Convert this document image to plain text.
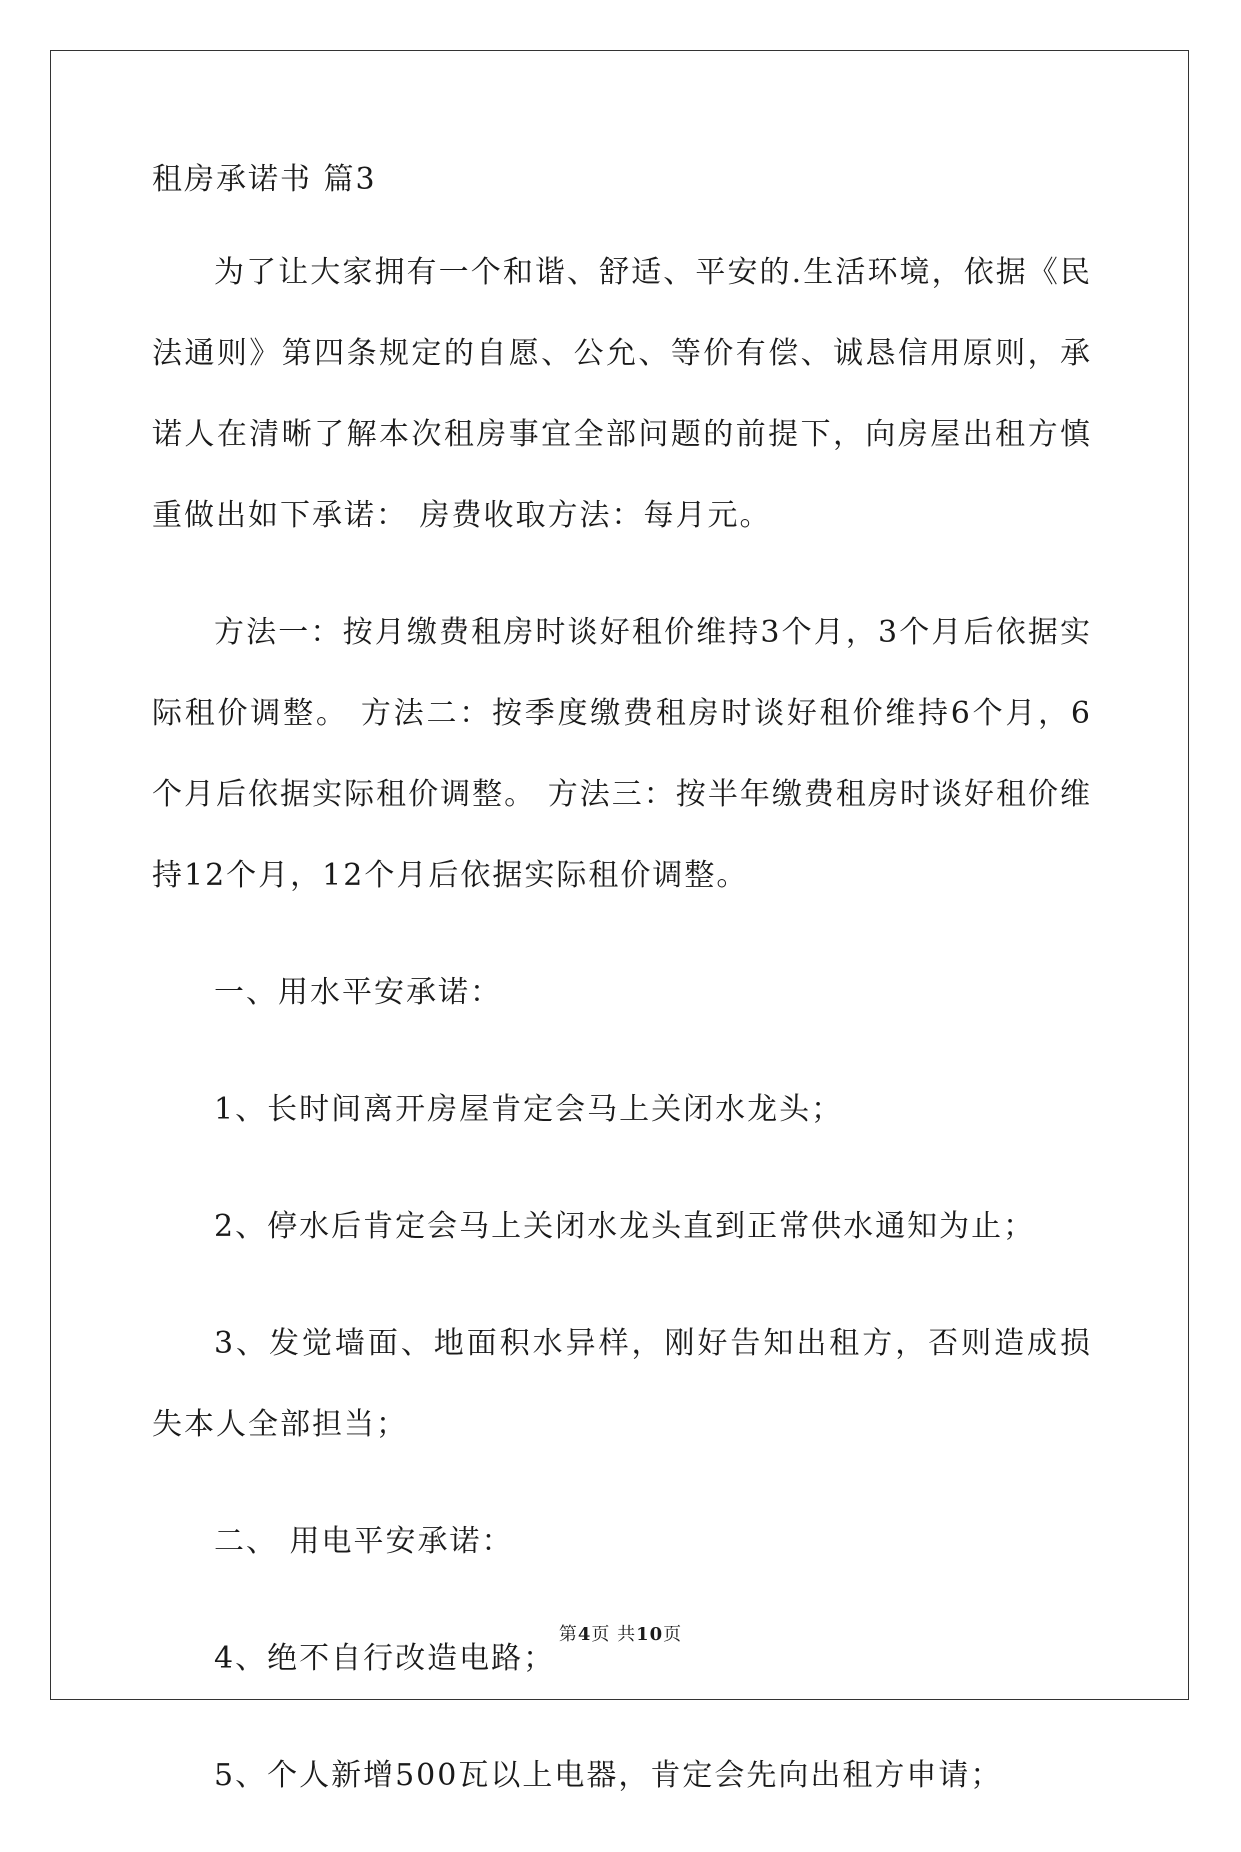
租房承诺书 篇3

为了让大家拥有一个和谐、舒适、平安的.生活环境，依据《民法通则》第四条规定的自愿、公允、等价有偿、诚恳信用原则，承诺人在清晰了解本次租房事宜全部问题的前提下，向房屋出租方慎重做出如下承诺： 房费收取方法：每月元。

方法一：按月缴费租房时谈好租价维持3个月，3个月后依据实际租价调整。 方法二：按季度缴费租房时谈好租价维持6个月，6个月后依据实际租价调整。 方法三：按半年缴费租房时谈好租价维持12个月，12个月后依据实际租价调整。

一、用水平安承诺：

1、长时间离开房屋肯定会马上关闭水龙头；

2、停水后肯定会马上关闭水龙头直到正常供水通知为止；

3、发觉墙面、地面积水异样，刚好告知出租方，否则造成损失本人全部担当；

二、 用电平安承诺：

4、绝不自行改造电路；

5、个人新增500瓦以上电器，肯定会先向出租方申请；

第4页 共10页
